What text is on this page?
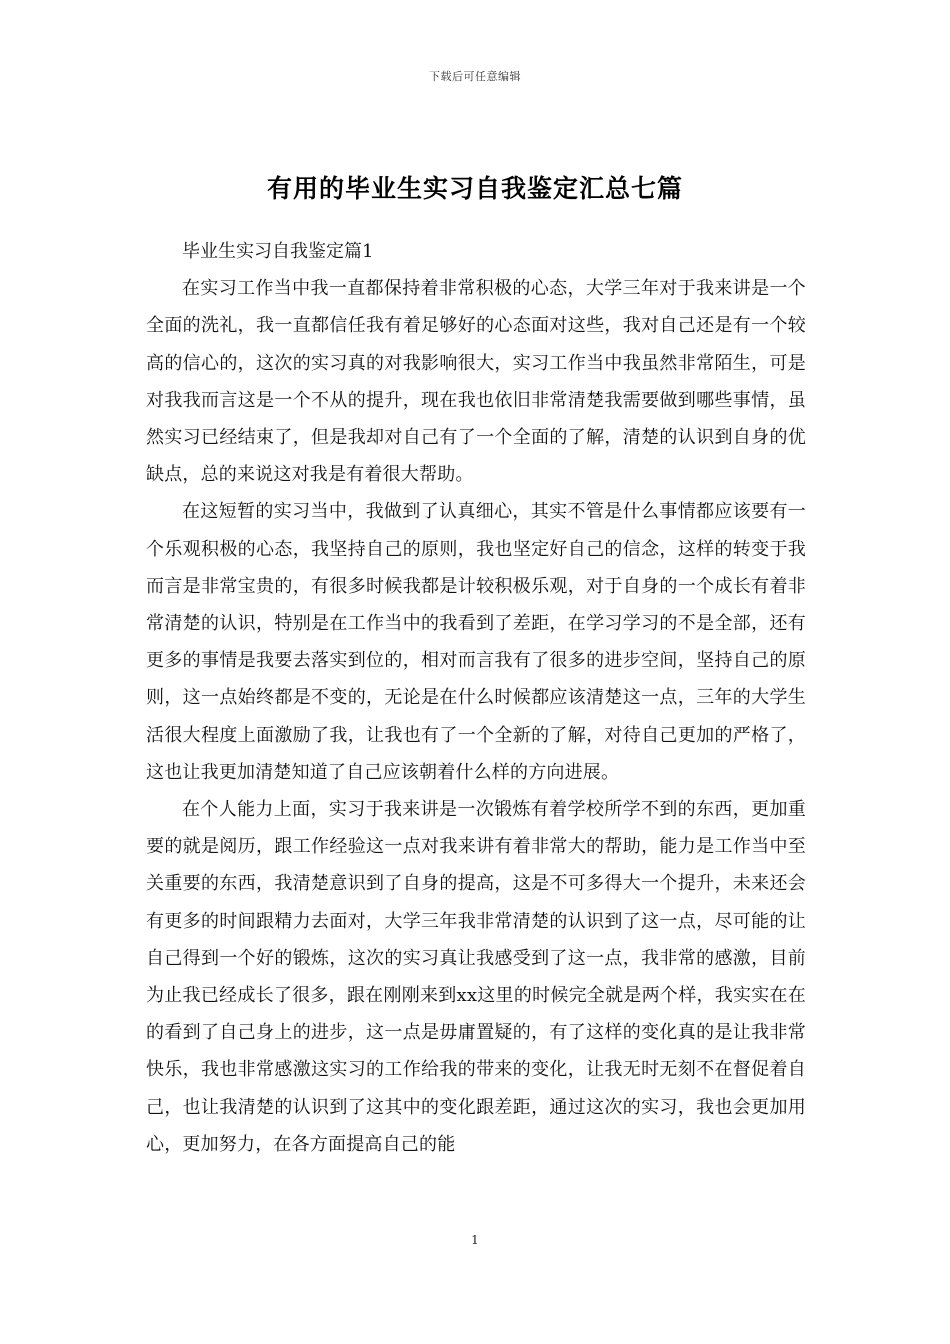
下载后可任意编辑
有用的毕业生实习自我鉴定汇总七篇

毕业生实习自我鉴定篇1

在实习工作当中我一直都保持着非常积极的心态，大学三年对于我来讲是一个全面的洗礼，我一直都信任我有着足够好的心态面对这些，我对自己还是有一个较高的信心的，这次的实习真的对我影响很大，实习工作当中我虽然非常陌生，可是对我我而言这是一个不从的提升，现在我也依旧非常清楚我需要做到哪些事情，虽然实习已经结束了，但是我却对自己有了一个全面的了解，清楚的认识到自身的优缺点，总的来说这对我是有着很大帮助。

在这短暂的实习当中，我做到了认真细心，其实不管是什么事情都应该要有一个乐观积极的心态，我坚持自己的原则，我也坚定好自己的信念，这样的转变于我而言是非常宝贵的，有很多时候我都是计较积极乐观，对于自身的一个成长有着非常清楚的认识，特别是在工作当中的我看到了差距，在学习学习的不是全部，还有更多的事情是我要去落实到位的，相对而言我有了很多的进步空间，坚持自己的原则，这一点始终都是不变的，无论是在什么时候都应该清楚这一点，三年的大学生活很大程度上面激励了我，让我也有了一个全新的了解，对待自己更加的严格了，这也让我更加清楚知道了自己应该朝着什么样的方向进展。

在个人能力上面，实习于我来讲是一次锻炼有着学校所学不到的东西，更加重要的就是阅历，跟工作经验这一点对我来讲有着非常大的帮助，能力是工作当中至关重要的东西，我清楚意识到了自身的提高，这是不可多得大一个提升，未来还会有更多的时间跟精力去面对，大学三年我非常清楚的认识到了这一点，尽可能的让自己得到一个好的锻炼，这次的实习真让我感受到了这一点，我非常的感激，目前为止我已经成长了很多，跟在刚刚来到xx这里的时候完全就是两个样，我实实在在的看到了自己身上的进步，这一点是毋庸置疑的，有了这样的变化真的是让我非常快乐，我也非常感激这实习的工作给我的带来的变化，让我无时无刻不在督促着自己，也让我清楚的认识到了这其中的变化跟差距，通过这次的实习，我也会更加用心，更加努力，在各方面提高自己的能

1
